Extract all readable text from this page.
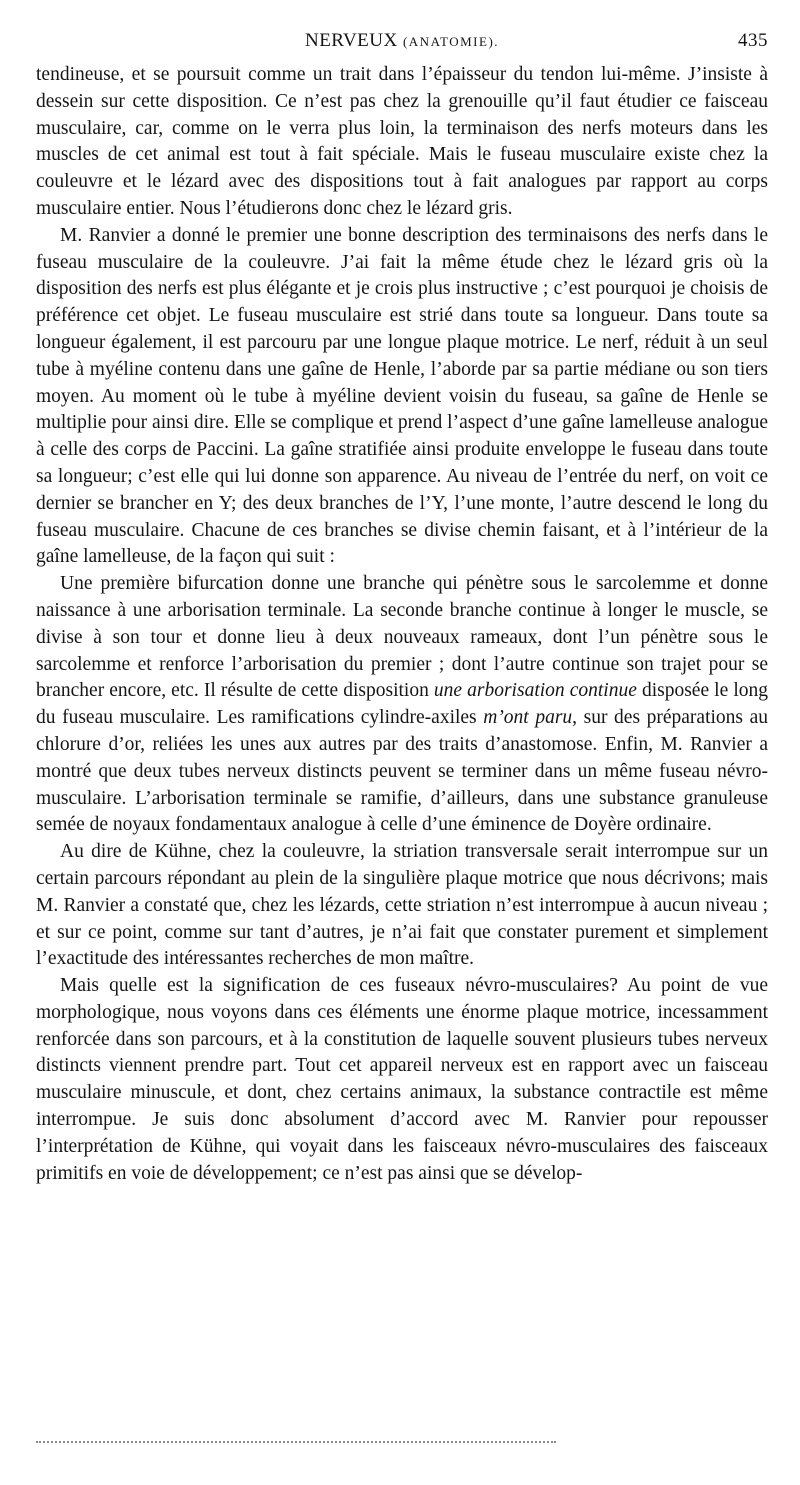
NERVEUX (ANATOMIE).	435

tendineuse, et se poursuit comme un trait dans l’épaisseur du tendon lui-même. J’insiste à dessein sur cette disposition. Ce n’est pas chez la grenouille qu’il faut étudier ce faisceau musculaire, car, comme on le verra plus loin, la terminaison des nerfs moteurs dans les muscles de cet animal est tout à fait spéciale. Mais le fuseau musculaire existe chez la couleuvre et le lézard avec des dispositions tout à fait analogues par rapport au corps musculaire entier. Nous l’étudierons donc chez le lézard gris.

M. Ranvier a donné le premier une bonne description des terminaisons des nerfs dans le fuseau musculaire de la couleuvre. J’ai fait la même étude chez le lézard gris où la disposition des nerfs est plus élégante et je crois plus instructive ; c’est pourquoi je choisis de préférence cet objet. Le fuseau musculaire est strié dans toute sa longueur. Dans toute sa longueur également, il est parcouru par une longue plaque motrice. Le nerf, réduit à un seul tube à myéline contenu dans une gaîne de Henle, l’aborde par sa partie médiane ou son tiers moyen. Au moment où le tube à myéline devient voisin du fuseau, sa gaîne de Henle se multiplie pour ainsi dire. Elle se complique et prend l’aspect d’une gaîne lamelleuse analogue à celle des corps de Paccini. La gaîne stratifiée ainsi produite enveloppe le fuseau dans toute sa longueur; c’est elle qui lui donne son apparence. Au niveau de l’entrée du nerf, on voit ce dernier se brancher en Y; des deux branches de l’Y, l’une monte, l’autre descend le long du fuseau musculaire. Chacune de ces branches se divise chemin faisant, et à l’intérieur de la gaîne lamelleuse, de la façon qui suit :

Une première bifurcation donne une branche qui pénètre sous le sarcolemme et donne naissance à une arborisation terminale. La seconde branche continue à longer le muscle, se divise à son tour et donne lieu à deux nouveaux rameaux, dont l’un pénètre sous le sarcolemme et renforce l’arborisation du premier ; dont l’autre continue son trajet pour se brancher encore, etc. Il résulte de cette disposition une arborisation continue disposée le long du fuseau musculaire. Les ramifications cylindre-axiles m’ont paru, sur des préparations au chlorure d’or, reliées les unes aux autres par des traits d’anastomose. Enfin, M. Ranvier a montré que deux tubes nerveux distincts peuvent se terminer dans un même fuseau névro-musculaire. L’arborisation terminale se ramifie, d’ailleurs, dans une substance granuleuse semée de noyaux fondamentaux analogue à celle d’une éminence de Doyère ordinaire.

Au dire de Kühne, chez la couleuvre, la striation transversale serait interrompue sur un certain parcours répondant au plein de la singulière plaque motrice que nous décrivons; mais M. Ranvier a constaté que, chez les lézards, cette striation n’est interrompue à aucun niveau ; et sur ce point, comme sur tant d’autres, je n’ai fait que constater purement et simplement l’exactitude des intéressantes recherches de mon maître.

Mais quelle est la signification de ces fuseaux névro-musculaires? Au point de vue morphologique, nous voyons dans ces éléments une énorme plaque motrice, incessamment renforcée dans son parcours, et à la constitution de laquelle souvent plusieurs tubes nerveux distincts viennent prendre part. Tout cet appareil nerveux est en rapport avec un faisceau musculaire minuscule, et dont, chez certains animaux, la substance contractile est même interrompue. Je suis donc absolument d’accord avec M. Ranvier pour repousser l’interprétation de Kühne, qui voyait dans les faisceaux névro-musculaires des faisceaux primitifs en voie de développement; ce n’est pas ainsi que se dévelop-
